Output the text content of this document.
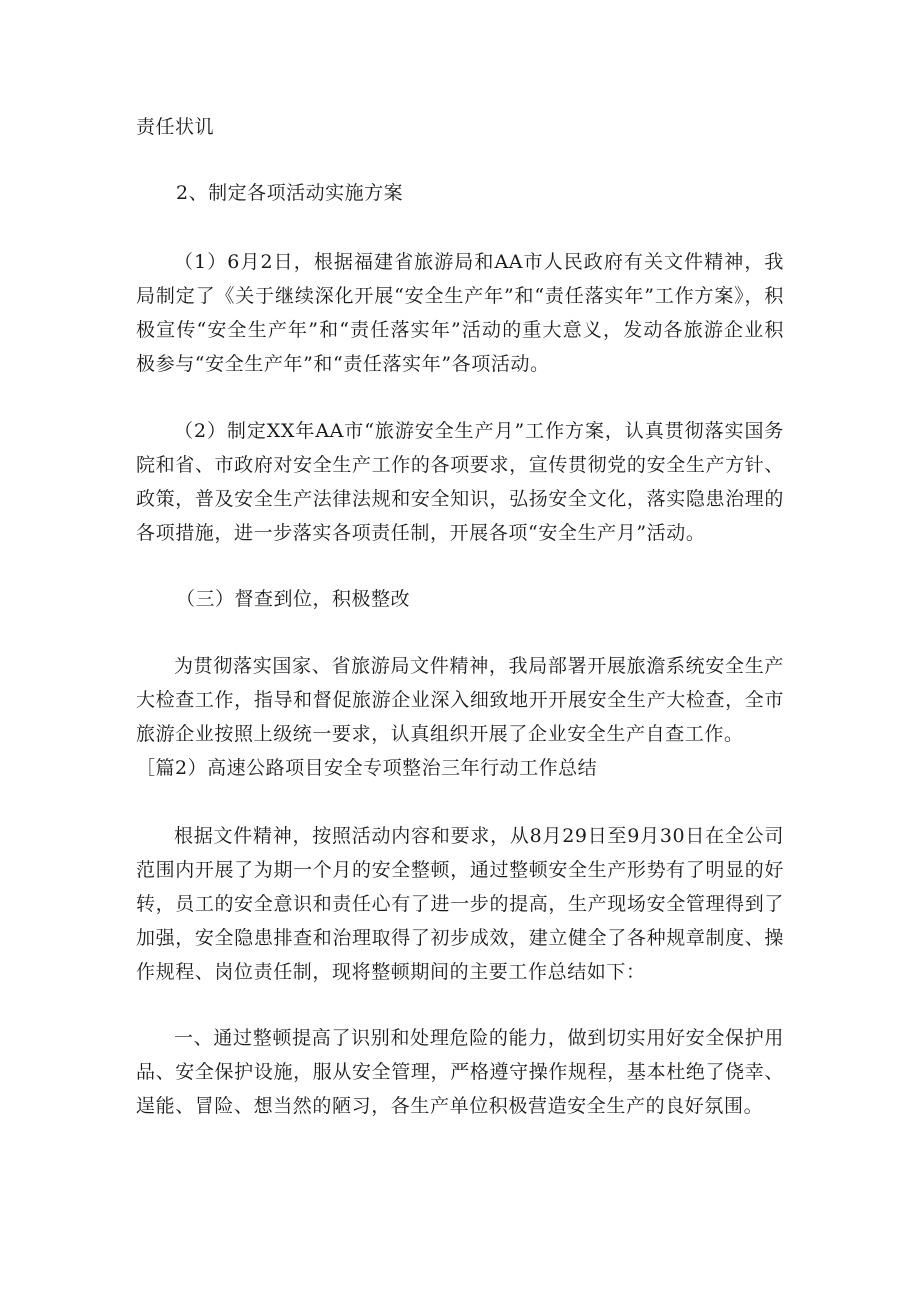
责任状讥
2、制定各项活动实施方案

（1）6月2日，根据福建省旅游局和AA市人民政府有关文件精神，我局制定了《关于继续深化开展“安全生产年”和“责任落实年”工作方案》，积极宣传“安全生产年”和“责任落实年”活动的重大意义，发动各旅游企业积极参与“安全生产年”和“责任落实年”各项活动。

（2）制定XX年AA市“旅游安全生产月”工作方案，认真贯彻落实国务院和省、市政府对安全生产工作的各项要求，宣传贯彻党的安全生产方针、政策，普及安全生产法律法规和安全知识，弘扬安全文化，落实隐患治理的各项措施，进一步落实各项责任制，开展各项“安全生产月”活动。

（三）督查到位，积极整改

为贯彻落实国家、省旅游局文件精神，我局部署开展旅澹系统安全生产大检查工作，指导和督促旅游企业深入细致地开开展安全生产大检查，全市旅游企业按照上级统一要求，认真组织开展了企业安全生产自查工作。

［篇2）高速公路项目安全专项整治三年行动工作总结

根据文件精神，按照活动内容和要求，从8月29日至9月30日在全公司范围内开展了为期一个月的安全整顿，通过整顿安全生产形势有了明显的好转，员工的安全意识和责任心有了进一步的提高，生产现场安全管理得到了加强，安全隐患排查和治理取得了初步成效，建立健全了各种规章制度、操作规程、岗位责任制，现将整顿期间的主要工作总结如下：

一、通过整顿提高了识别和处理危险的能力，做到切实用好安全保护用品、安全保护设施，服从安全管理，严格遵守操作规程，基本杜绝了侥幸、逞能、冒险、想当然的陋习，各生产单位积极营造安全生产的良好氛围。
